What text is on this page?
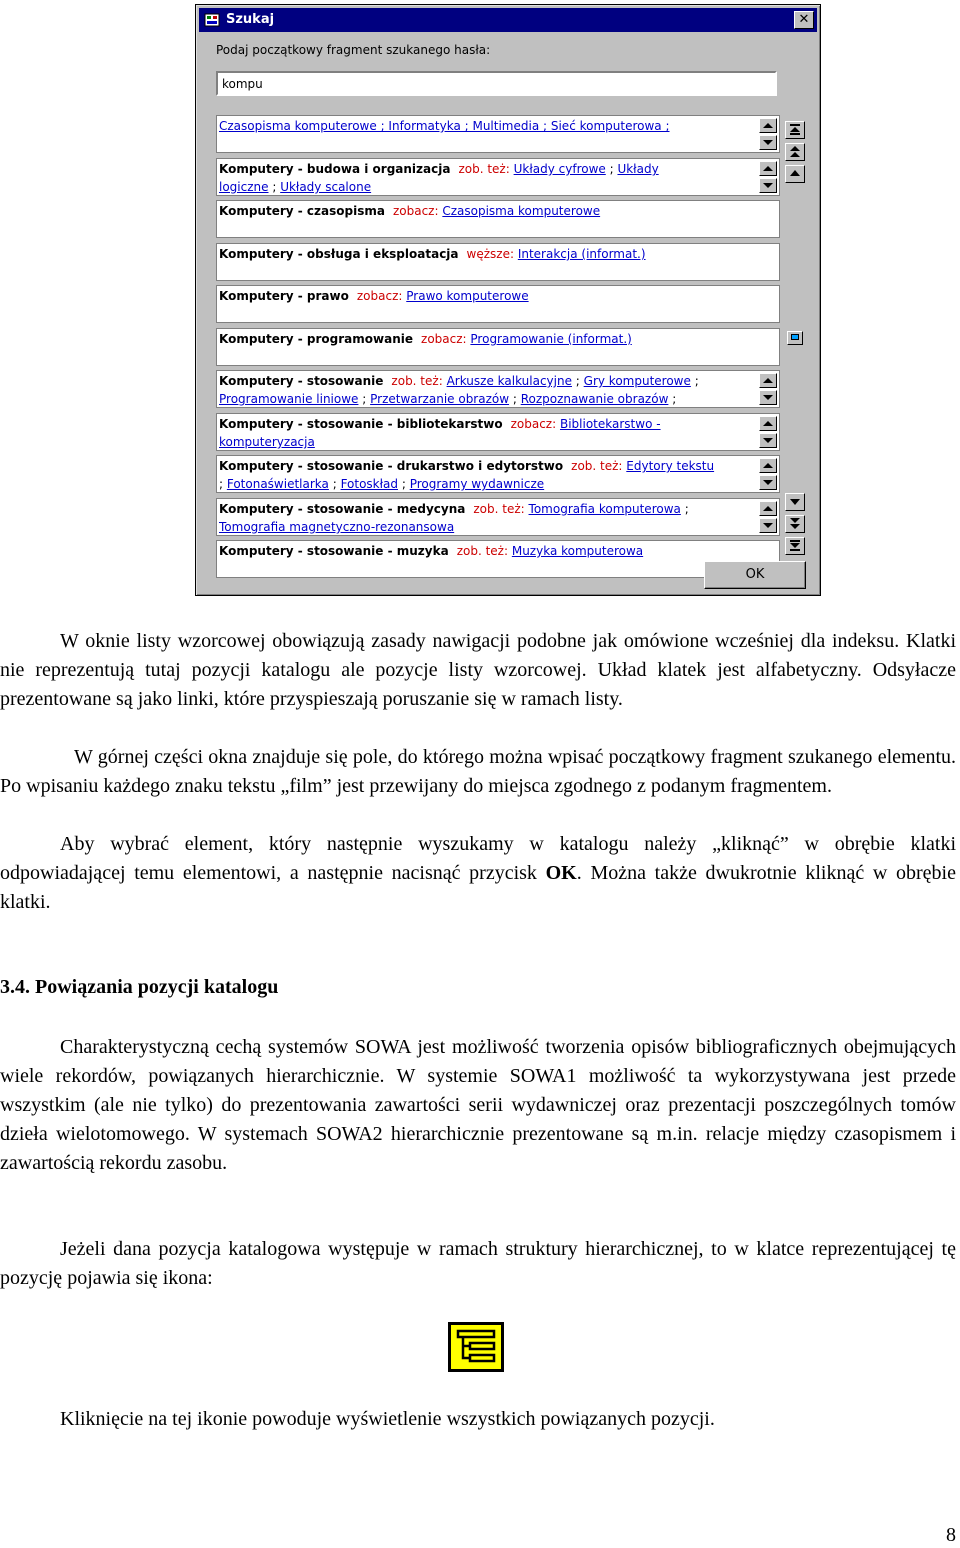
Szukaj	✕
Podaj początkowy fragment szukanego hasła:
kompu
Czasopisma komputerowe ; Informatyka ; Multimedia ; Sieć komputerowa ;
Komputery - budowa i organizacja zob. też: Układy cyfrowe ; Układy
logiczne ; Układy scalone
Komputery - czasopisma zobacz: Czasopisma komputerowe
Komputery - obsługa i eksploatacja węższe: Interakcja (informat.)
Komputery - prawo zobacz: Prawo komputerowe
Komputery - programowanie zobacz: Programowanie (informat.)
Komputery - stosowanie zob. też: Arkusze kalkulacyjne ; Gry komputerowe ;
Programowanie liniowe ; Przetwarzanie obrazów ; Rozpoznawanie obrazów ;
Komputery - stosowanie - bibliotekarstwo zobacz: Bibliotekarstwo -
komputeryzacja
Komputery - stosowanie - drukarstwo i edytorstwo zob. też: Edytory tekstu
; Fotonaświetlarka ; Fotoskład ; Programy wydawnicze
Komputery - stosowanie - medycyna zob. też: Tomografia komputerowa ;
Tomografia magnetyczno-rezonansowa
Komputery - stosowanie - muzyka zob. też: Muzyka komputerowa
OK
W oknie listy wzorcowej obowiązują zasady nawigacji podobne jak omówione wcześniej dla indeksu. Klatki nie reprezentują tutaj pozycji katalogu ale pozycje listy wzorcowej. Układ klatek jest alfabetyczny. Odsyłacze prezentowane są jako linki, które przyspieszają poruszanie się w ramach listy.
W górnej części okna znajduje się pole, do którego można wpisać początkowy fragment szukanego elementu. Po wpisaniu każdego znaku tekstu „film” jest przewijany do miejsca zgodnego z podanym fragmentem.
Aby wybrać element, który następnie wyszukamy w katalogu należy „kliknąć” w obrębie klatki odpowiadającej temu elementowi, a następnie nacisnąć przycisk OK. Można także dwukrotnie kliknąć w obrębie klatki.
3.4. Powiązania pozycji katalogu
Charakterystyczną cechą systemów SOWA jest możliwość tworzenia opisów bibliograficznych obejmujących wiele rekordów, powiązanych hierarchicznie. W systemie SOWA1 możliwość ta wykorzystywana jest przede wszystkim (ale nie tylko) do prezentowania zawartości serii wydawniczej oraz prezentacji poszczególnych tomów dzieła wielotomowego. W systemach SOWA2 hierarchicznie prezentowane są m.in. relacje między czasopismem i zawartością rekordu zasobu.
Jeżeli dana pozycja katalogowa występuje w ramach struktury hierarchicznej, to w klatce reprezentującej tę pozycję pojawia się ikona:
Kliknięcie na tej ikonie powoduje wyświetlenie wszystkich powiązanych pozycji.
8
